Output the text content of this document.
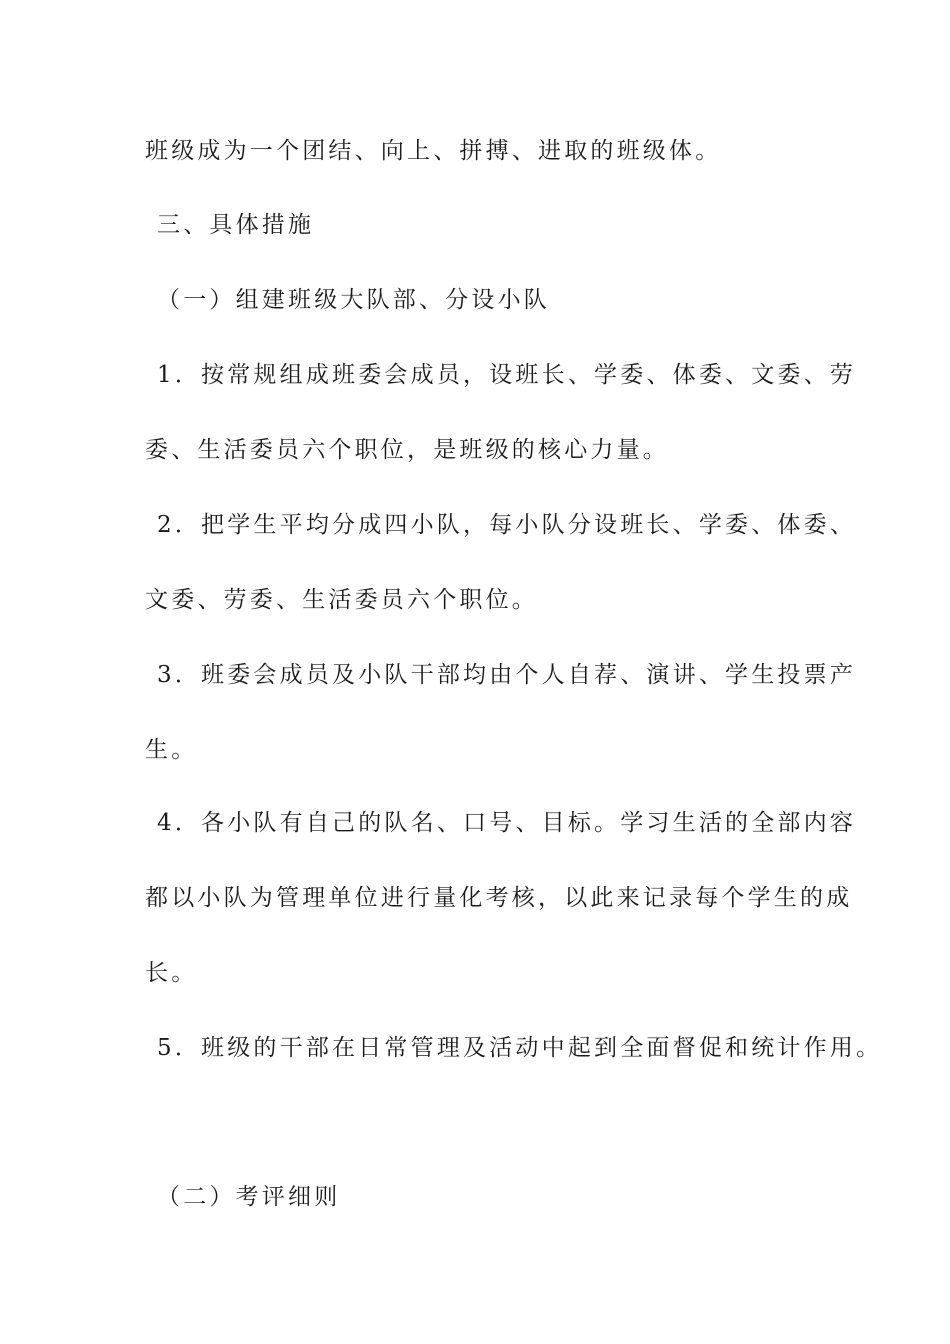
班级成为一个团结、向上、拼搏、进取的班级体。
三、具体措施
（一）组建班级大队部、分设小队
1．按常规组成班委会成员，设班长、学委、体委、文委、劳
委、生活委员六个职位，是班级的核心力量。
2．把学生平均分成四小队，每小队分设班长、学委、体委、
文委、劳委、生活委员六个职位。
3．班委会成员及小队干部均由个人自荐、演讲、学生投票产
生。
4．各小队有自己的队名、口号、目标。学习生活的全部内容
都以小队为管理单位进行量化考核，以此来记录每个学生的成
长。
5．班级的干部在日常管理及活动中起到全面督促和统计作用。
（二）考评细则
